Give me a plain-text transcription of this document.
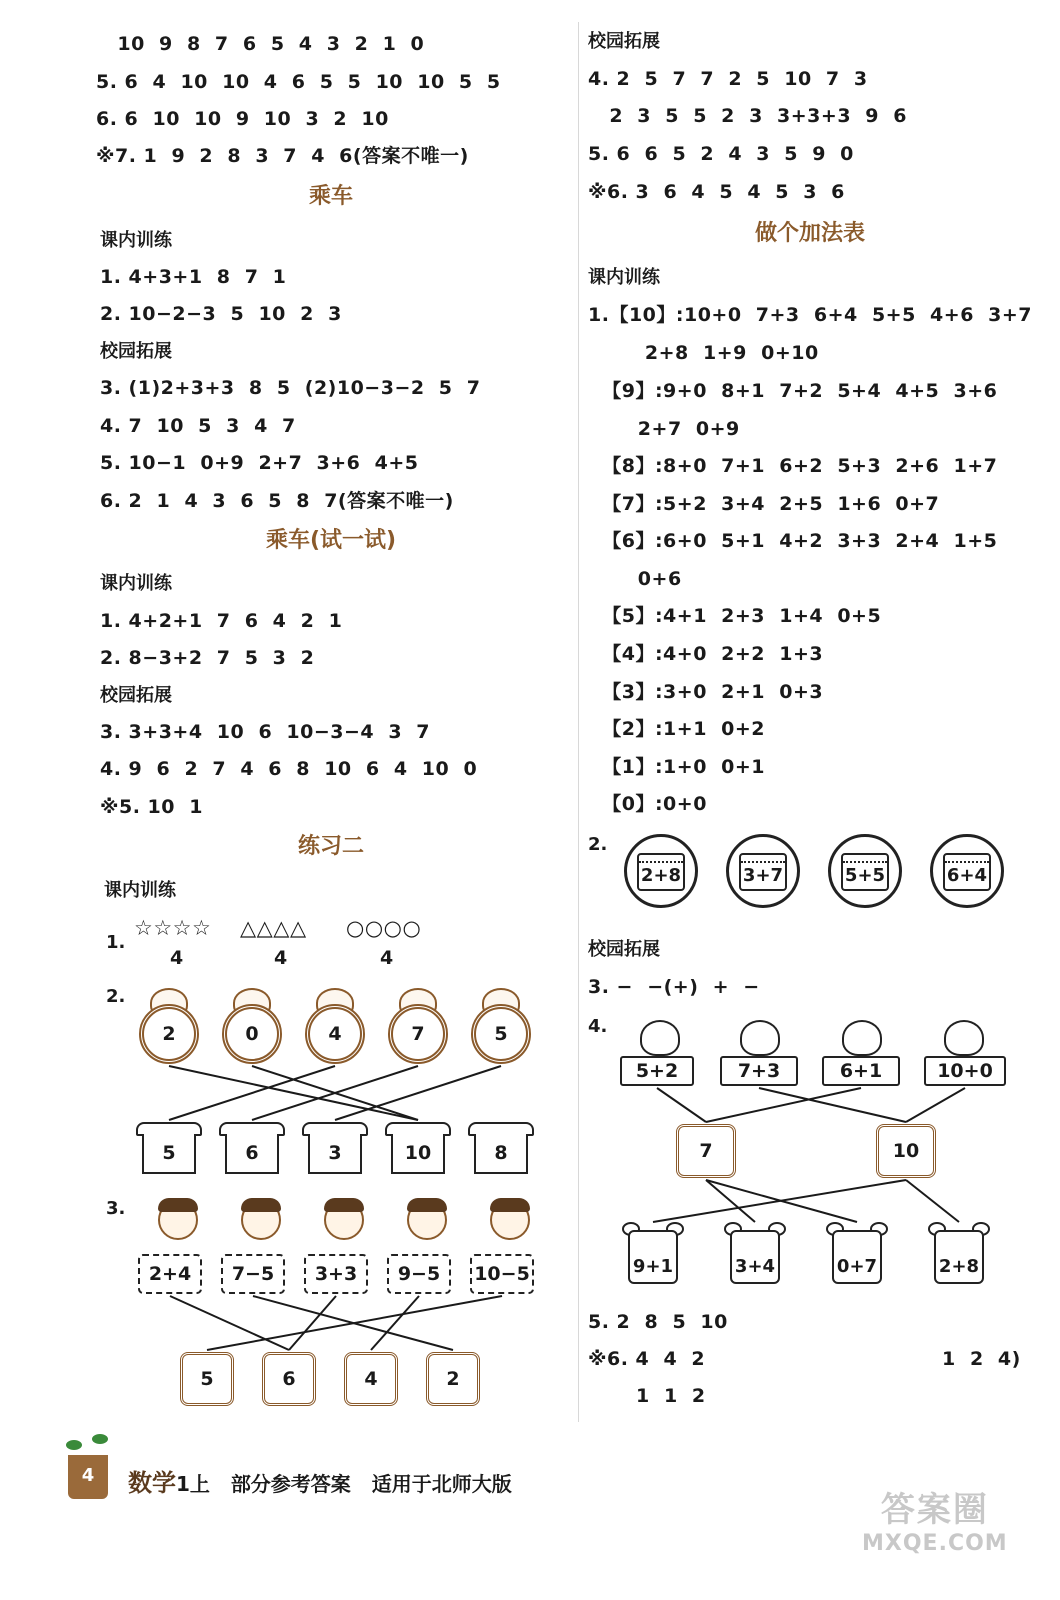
10  9  8  7  6  5  4  3  2  1  0
5. 6  4  10  10  4  6  5  5  10  10  5  5
6. 6  10  10  9  10  3  2  10
※7. 1  9  2  8  3  7  4  6(答案不唯一)
乘车
课内训练
1. 4+3+1  8  7  1
2. 10−2−3  5  10  2  3
校园拓展
3. (1)2+3+3  8  5  (2)10−3−2  5  7
4. 7  10  5  3  4  7
5. 10−1  0+9  2+7  3+6  4+5
6. 2  1  4  3  6  5  8  7(答案不唯一)
乘车(试一试)
课内训练
1. 4+2+1  7  6  4  2  1
2. 8−3+2  7  5  3  2
校园拓展
3. 3+3+4  10  6  10−3−4  3  7
4. 9  6  2  7  4  6  8  10  6  4  10  0
※5. 10  1
练习二
课内训练
1.
☆☆☆☆ △△△△ ○○○○
4	4	4
2.
2	0	4	7	5
5	6	3	10	8
3.
2+4	7−5	3+3	9−5	10−5
5	6	4	2
校园拓展
4. 2  5  7  7  2  5  10  7  3
2  3  5  5  2  3  3+3+3  9  6
5. 6  6  5  2  4  3  5  9  0
※6. 3  6  4  5  4  5  3  6
做个加法表
课内训练
1.【10】:10+0  7+3  6+4  5+5  4+6  3+7
2+8  1+9  0+10
【9】:9+0  8+1  7+2  5+4  4+5  3+6
2+7  0+9
【8】:8+0  7+1  6+2  5+3  2+6  1+7
【7】:5+2  3+4  2+5  1+6  0+7
【6】:6+0  5+1  4+2  3+3  2+4  1+5
0+6
【5】:4+1  2+3  1+4  0+5
【4】:4+0  2+2  1+3
【3】:3+0  2+1  0+3
【2】:1+1  0+2
【1】:1+0  0+1
【0】:0+0
2.
2+8	3+7	5+5	6+4
校园拓展
3. −  −(+)  +  −
4.
5+2	7+3	6+1	10+0
7	10
9+1	3+4	0+7	2+8
5. 2  8  5  10
※6. 4  4  2	1  2  4)
1  1  2
4	数学1上 部分参考答案 适用于北师大版
答案圈
MXQE.COM
